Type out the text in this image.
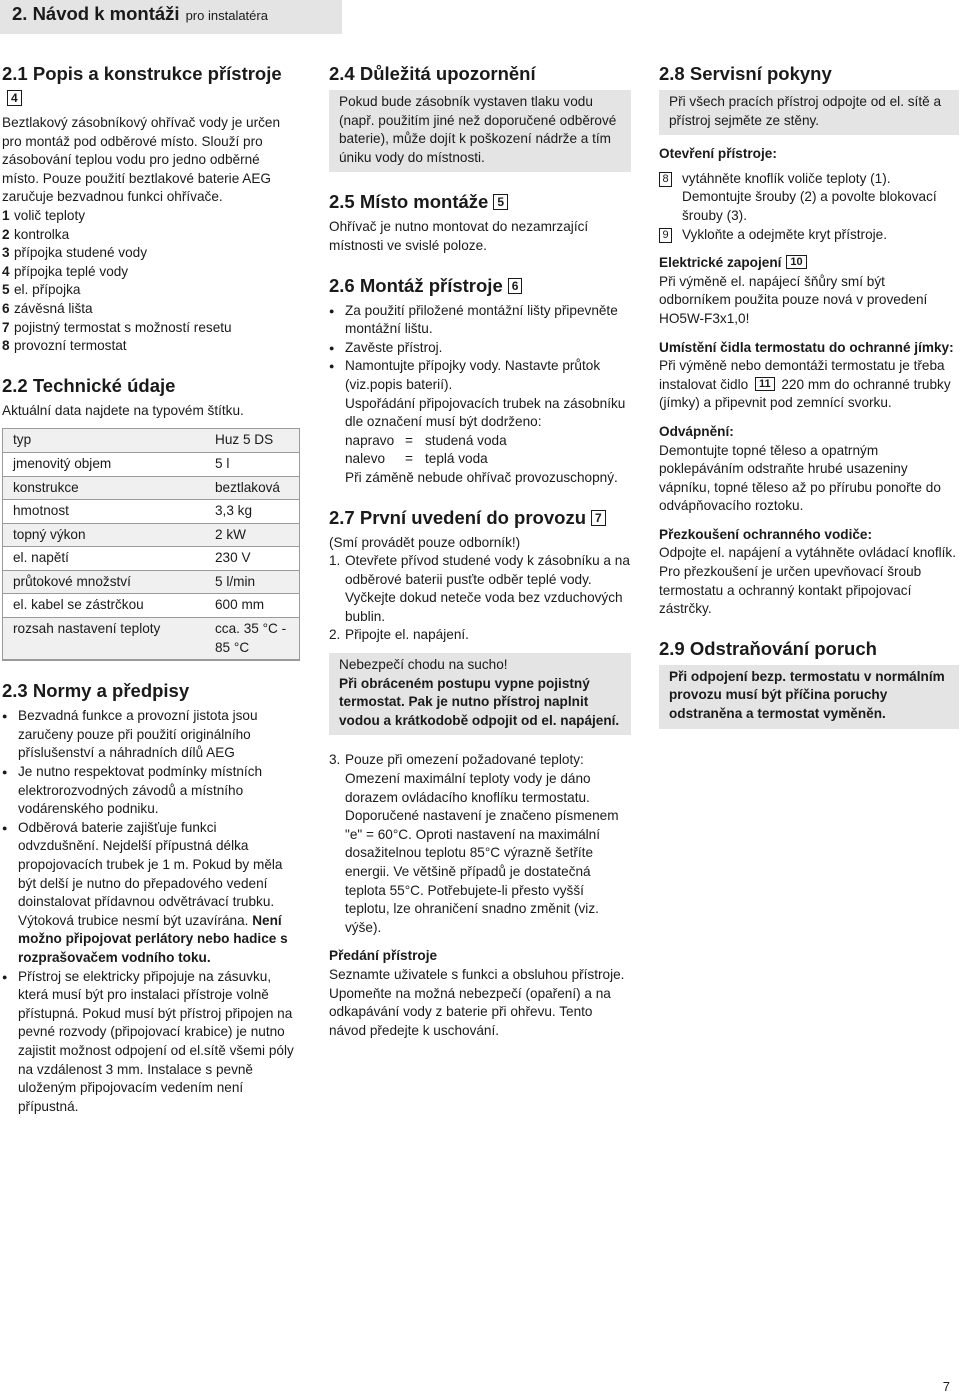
2. Návod k montáži pro instalatéra
2.1 Popis a konstrukce přístroje4

Beztlakový zásobníkový ohřívač vody je určen pro montáž pod odběrové místo. Slouží pro zásobování teplou vodu pro jedno odběrné místo. Pouze použití beztlakové baterie AEG zaručuje bezvadnou funkci ohřívače.

1 volič teploty
2 kontrolka
3 přípojka studené vody
4 přípojka teplé vody
5 el. přípojka
6 závěsná lišta
7 pojistný termostat s možností resetu
8 provozní termostat
2.2 Technické údaje

Aktuální data najdete na typovém štítku.

typ	Huz 5 DS
jmenovitý objem	5 l
konstrukce	beztlaková
hmotnost	3,3 kg
topný výkon	2 kW
el. napětí	230 V
průtokové množství	5 l/min
el. kabel se zástrčkou	600 mm
rozsah nastavení teploty	cca. 35 °C - 85 °C
2.3 Normy a předpisy
● Bezvadná funkce a provozní jistota jsou zaručeny pouze při použití originálního příslušenství a náhradních dílů AEG
● Je nutno respektovat podmínky místních elektrorozvodných závodů a místního vodárenského podniku.
● Odběrová baterie zajišťuje funkci odvzdušnění. Nejdelší přípustná délka propojovacích trubek je 1 m. Pokud by měla být delší je nutno do přepadového vedení doinstalovat přídavnou odvětrávací trubku. Výtoková trubice nesmí být uzavírána. Není možno připojovat perlátory nebo hadice s rozprašovačem vodního toku.
● Přístroj se elektricky připojuje na zásuvku, která musí být pro instalaci přístroje volně přístupná. Pokud musí být přístroj připojen na pevné rozvody (připojovací krabice) je nutno zajistit možnost odpojení od el.sítě všemi póly na vzdálenost 3 mm. Instalace s pevně uloženým připojovacím vedením není přípustná.
2.4 Důležitá upozornění
Pokud bude zásobník vystaven tlaku vodu (např. použitím jiné než doporučené odběrové baterie), může dojít k poškození nádrže a tím úniku vody do místnosti.
2.5 Místo montáže 5

Ohřívač je nutno montovat do nezamrzající místnosti ve svislé poloze.

2.6 Montáž přístroje 6
● Za použití přiložené montážní lišty připevněte montážní lištu.
● Zavěste přístroj.
● Namontujte přípojky vody. Nastavte průtok (viz.popis baterií).

Uspořádání připojovacích trubek na zásobníku dle označení musí být dodrženo:

napravo = studená voda
nalevo	= teplá voda

Při záměně nebude ohřívač provozuschopný.

2.7 První uvedení do provozu 7

(Smí provádět pouze odborník!)

1. Otevřete přívod studené vody k zásobníku a na odběrové baterii pusťte odběr teplé vody. Vyčkejte dokud neteče voda bez vzduchových bublin.
2. Připojte el. napájení.
Nebezpečí chodu na sucho!
Při obráceném postupu vypne pojistný termostat. Pak je nutno přístroj naplnit vodou a krátkodobě odpojit od el. napájení.
3. Pouze při omezení požadované teploty:

Omezení maximální teploty vody je dáno dorazem ovládacího knoflíku termostatu. Doporučené nastavení je značeno písmenem "e" = 60°C. Oproti nastavení na maximální dosažitelnou teplotu 85°C výrazně šetříte energii. Ve většině případů je dostatečná teplota 55°C. Potřebujete-li přesto vyšší teplotu, lze ohraničení snadno změnit (viz. výše).

Předání přístroje

Seznamte uživatele s funkci a obsluhou přístroje. Upomeňte na možná nebezpečí (opaření) a na odkapávání vody z baterie při ohřevu. Tento návod předejte k uschování.

2.8 Servisní pokyny
Při všech pracích přístroj odpojte od el. sítě a přístroj sejměte ze stěny.
Otevření přístroje:
8 vytáhněte knoflík voliče teploty (1). Demontujte šrouby (2) a povolte blokovací šrouby (3).
9 Vykloňte a odejměte kryt přístroje.
Elektrické zapojení 10

Při výměně el. napájecí šňůry smí být odborníkem použita pouze nová v provedení HO5W-F3x1,0!

Umístění čidla termostatu do ochranné jímky:

Při výměně nebo demontáži termostatu je třeba instalovat čidlo 11 220 mm do ochranné trubky (jímky) a připevnit pod zemnící svorku.

Odvápnění:

Demontujte topné těleso a opatrným poklepáváním odstraňte hrubé usazeniny vápníku, topné těleso až po přírubu ponořte do odvápňovacího roztoku.

Přezkoušení ochranného vodiče:

Odpojte el. napájení a vytáhněte ovládací knoflík. Pro přezkoušení je určen upevňovací šroub termostatu a ochranný kontakt připojovací zástrčky.

2.9 Odstraňování poruch
Při odpojení bezp. termostatu v normálním provozu musí být příčina poruchy odstraněna a termostat vyměněn.
7
